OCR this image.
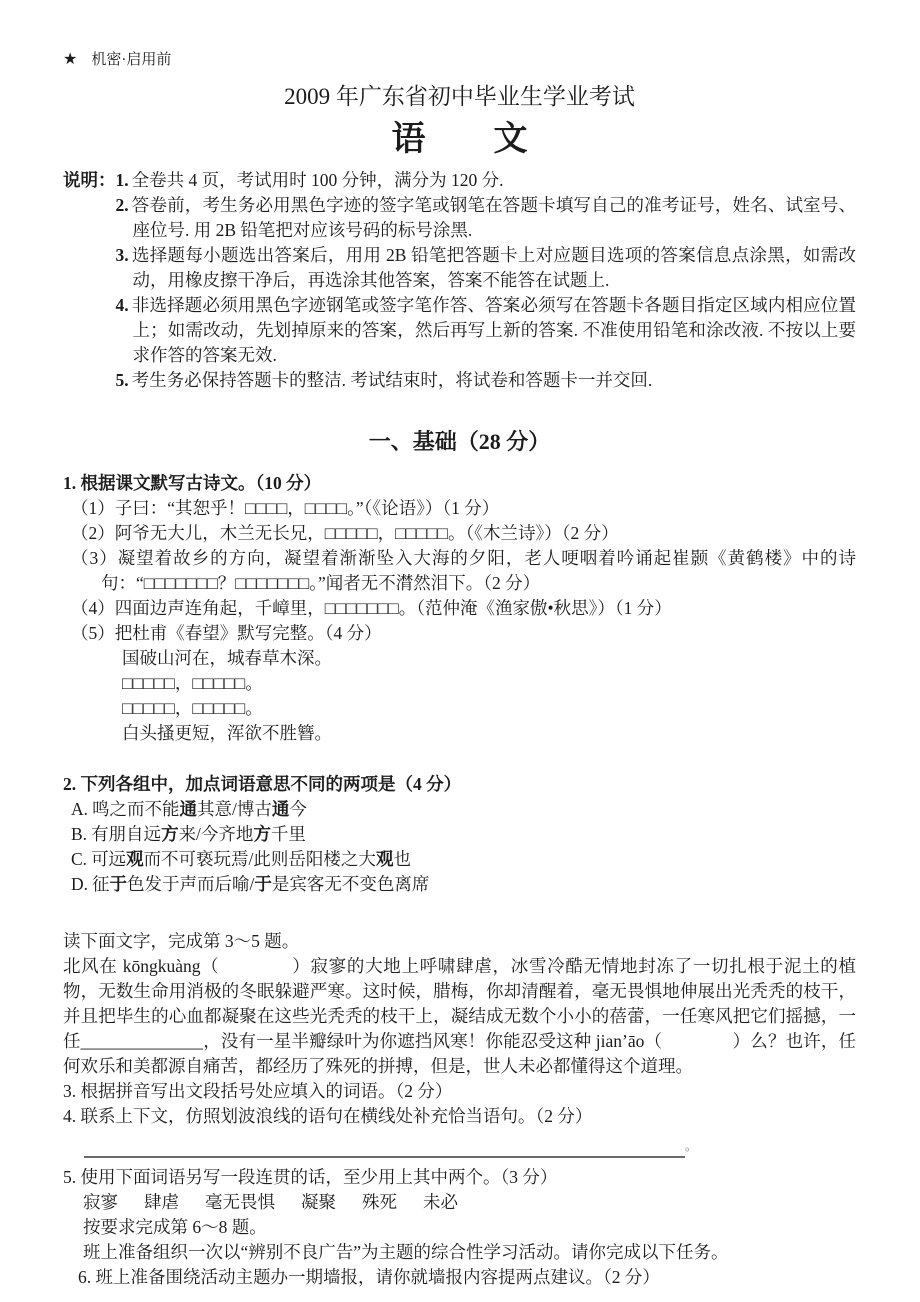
★ 机密·启用前
2009 年广东省初中毕业生学业考试
语　　文
说明： 1. 全卷共 4 页，考试用时 100 分钟，满分为 120 分.
2. 答卷前，考生务必用黑色字迹的签字笔或钢笔在答题卡填写自己的准考证号，姓名、试室号、座位号. 用 2B 铅笔把对应该号码的标号涂黑.
3. 选择题每小题选出答案后，用用 2B 铅笔把答题卡上对应题目选项的答案信息点涂黑，如需改动，用橡皮擦干净后，再选涂其他答案，答案不能答在试题上.
4. 非选择题必须用黑色字迹钢笔或签字笔作答、答案必须写在答题卡各题目指定区域内相应位置上；如需改动，先划掉原来的答案，然后再写上新的答案. 不准使用铅笔和涂改液. 不按以上要求作答的答案无效.
5. 考生务必保持答题卡的整洁. 考试结束时，将试卷和答题卡一并交回.
一、基础（28 分）
1. 根据课文默写古诗文。（10 分）
（1）子曰：“其恕乎！□□□□，□□□□。”（《论语》）（1 分）
（2）阿爷无大儿，木兰无长兄，□□□□□，□□□□□。（《木兰诗》）（2 分）
（3）凝望着故乡的方向，凝望着渐渐坠入大海的夕阳，老人哽咽着吟诵起崔颢《黄鹤楼》中的诗句：“□□□□□□□？□□□□□□□。”闻者无不潸然泪下。（2 分）
（4）四面边声连角起，千嶂里，□□□□□□□。（范仲淹《渔家傲•秋思》）（1 分）
（5）把杜甫《春望》默写完整。（4 分）
国破山河在，城春草木深。
□□□□□，□□□□□。
□□□□□，□□□□□。
白头搔更短，浑欲不胜簪。
2. 下列各组中，加点词语意思不同的两项是（4 分）
A. 鸣之而不能通其意/博古通今
B. 有朋自远方来/今齐地方千里
C. 可远观而不可亵玩焉/此则岳阳楼之大观也
D. 征于色发于声而后喻/于是宾客无不变色离席
读下面文字，完成第 3～5 题。
北风在 kōngkuàng（　　　　）寂寥的大地上呼啸肆虐，冰雪冷酷无情地封冻了一切扎根于泥土的植物，无数生命用消极的冬眠躲避严寒。这时候，腊梅，你却清醒着，毫无畏惧地伸展出光秃秃的枝干，并且把毕生的心血都凝聚在这些光秃秃的枝干上，凝结成无数个小小的蓓蕾，一任寒风把它们摇撼，一任______________，没有一星半瓣绿叶为你遮挡风寒！你能忍受这种 jian’āo（　　　　）么？也许，任何欢乐和美都源自痛苦，都经历了殊死的拼搏，但是，世人未必都懂得这个道理。
3. 根据拼音写出文段括号处应填入的词语。（2 分）
4. 联系上下文，仿照划波浪线的语句在横线处补充恰当语句。（2 分）
。
5. 使用下面词语另写一段连贯的话，至少用上其中两个。（3 分）
寂寥 肆虐 毫无畏惧 凝聚 殊死 未必
按要求完成第 6～8 题。
班上准备组织一次以“辨别不良广告”为主题的综合性学习活动。请你完成以下任务。
6. 班上准备围绕活动主题办一期墙报，请你就墙报内容提两点建议。（2 分）
